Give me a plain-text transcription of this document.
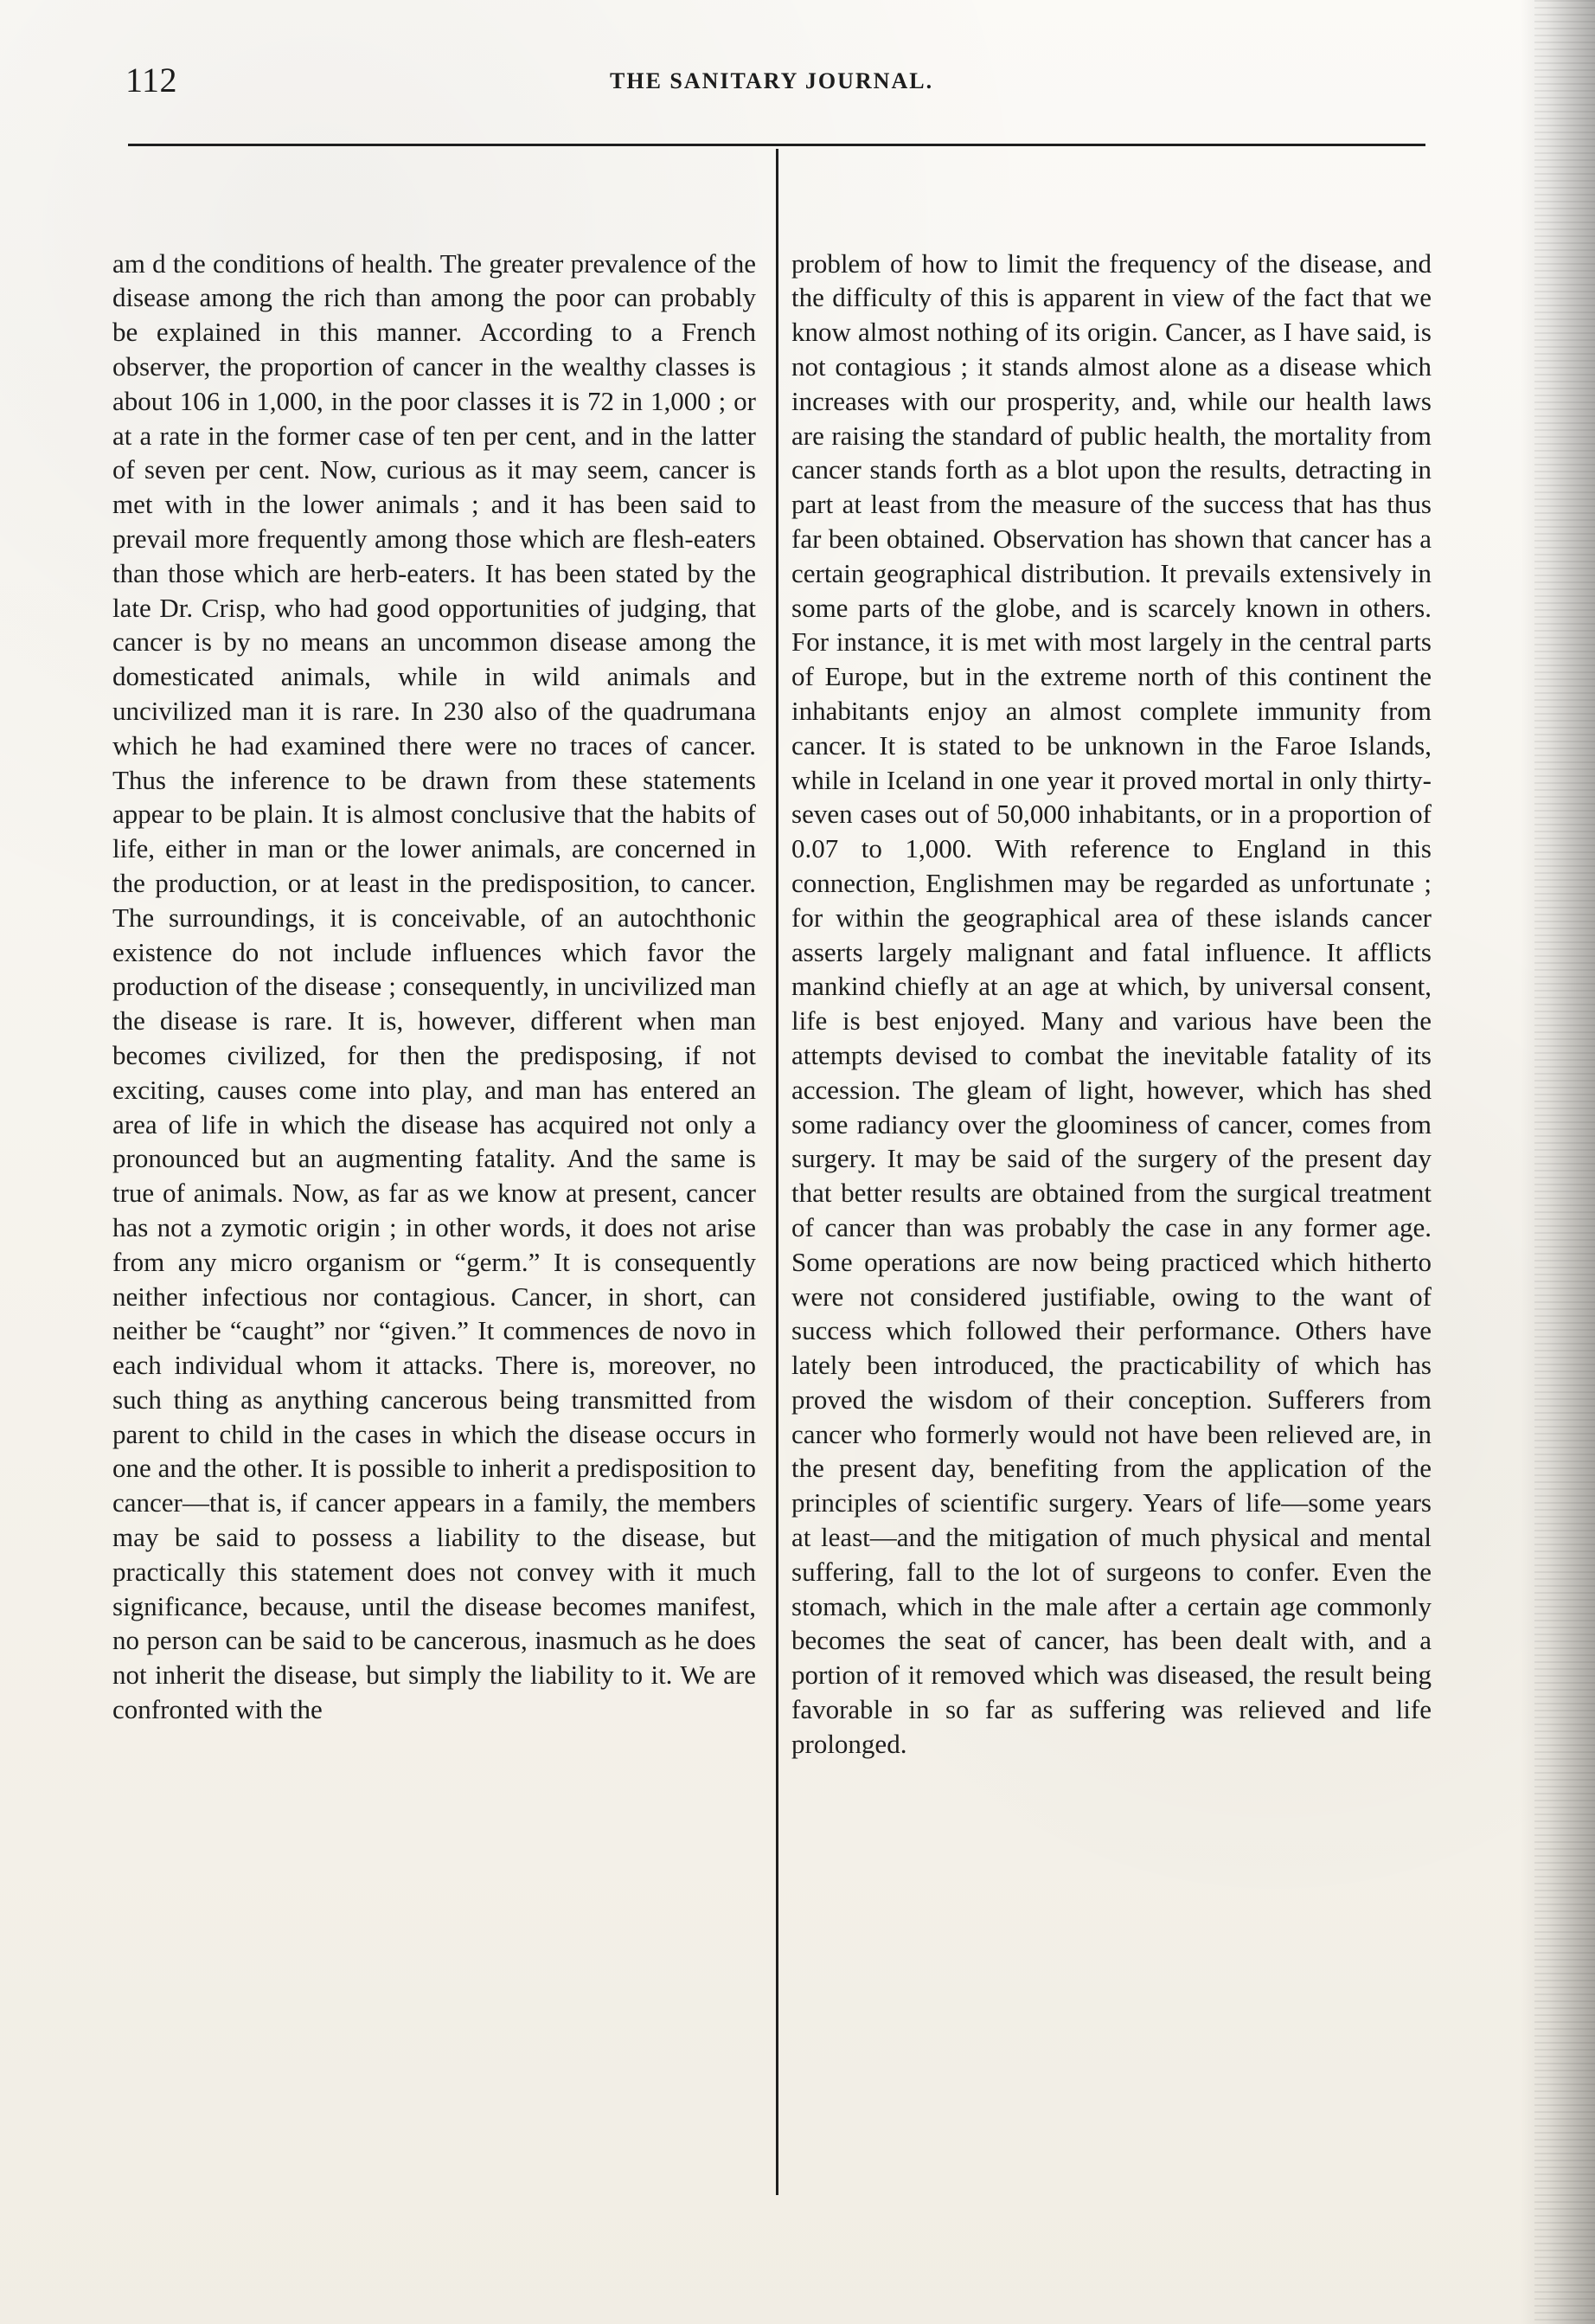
112	THE SANITARY JOURNAL.

am d the conditions of health. The greater prevalence of the disease among the rich than among the poor can probably be explained in this manner. According to a French observer, the proportion of cancer in the wealthy classes is about 106 in 1,000, in the poor classes it is 72 in 1,000 ; or at a rate in the former case of ten per cent, and in the latter of seven per cent. Now, curious as it may seem, cancer is met with in the lower animals ; and it has been said to prevail more frequently among those which are flesh-eaters than those which are herb-eaters. It has been stated by the late Dr. Crisp, who had good opportunities of judging, that cancer is by no means an uncommon disease among the domesticated animals, while in wild animals and uncivilized man it is rare. In 230 also of the quadrumana which he had examined there were no traces of cancer. Thus the inference to be drawn from these statements appear to be plain. It is almost conclusive that the habits of life, either in man or the lower animals, are concerned in the production, or at least in the predisposition, to cancer. The surroundings, it is conceivable, of an autochthonic existence do not include influences which favor the production of the disease ; consequently, in uncivilized man the disease is rare. It is, however, different when man becomes civilized, for then the predisposing, if not exciting, causes come into play, and man has entered an area of life in which the disease has acquired not only a pronounced but an augmenting fatality. And the same is true of animals. Now, as far as we know at present, cancer has not a zymotic origin ; in other words, it does not arise from any micro organism or “germ.” It is consequently neither infectious nor contagious. Cancer, in short, can neither be “caught” nor “given.” It commences de novo in each individual whom it attacks. There is, moreover, no such thing as anything cancerous being transmitted from parent to child in the cases in which the disease occurs in one and the other. It is possible to inherit a predisposition to cancer—that is, if cancer appears in a family, the members may be said to possess a liability to the disease, but practically this statement does not convey with it much significance, because, until the disease becomes manifest, no person can be said to be cancerous, inasmuch as he does not inherit the disease, but simply the liability to it. We are confronted with the

problem of how to limit the frequency of the disease, and the difficulty of this is apparent in view of the fact that we know almost nothing of its origin. Cancer, as I have said, is not contagious ; it stands almost alone as a disease which increases with our prosperity, and, while our health laws are raising the standard of public health, the mortality from cancer stands forth as a blot upon the results, detracting in part at least from the measure of the success that has thus far been obtained. Observation has shown that cancer has a certain geographical distribution. It prevails extensively in some parts of the globe, and is scarcely known in others. For instance, it is met with most largely in the central parts of Europe, but in the extreme north of this continent the inhabitants enjoy an almost complete immunity from cancer. It is stated to be unknown in the Faroe Islands, while in Iceland in one year it proved mortal in only thirty-seven cases out of 50,000 inhabitants, or in a proportion of 0.07 to 1,000. With reference to England in this connection, Englishmen may be regarded as unfortunate ; for within the geographical area of these islands cancer asserts largely malignant and fatal influence. It afflicts mankind chiefly at an age at which, by universal consent, life is best enjoyed. Many and various have been the attempts devised to combat the inevitable fatality of its accession. The gleam of light, however, which has shed some radiancy over the gloominess of cancer, comes from surgery. It may be said of the surgery of the present day that better results are obtained from the surgical treatment of cancer than was probably the case in any former age. Some operations are now being practiced which hitherto were not considered justifiable, owing to the want of success which followed their performance. Others have lately been introduced, the practicability of which has proved the wisdom of their conception. Sufferers from cancer who formerly would not have been relieved are, in the present day, benefiting from the application of the principles of scientific surgery. Years of life—some years at least—and the mitigation of much physical and mental suffering, fall to the lot of surgeons to confer. Even the stomach, which in the male after a certain age commonly becomes the seat of cancer, has been dealt with, and a portion of it removed which was diseased, the result being favorable in so far as suffering was relieved and life prolonged.
